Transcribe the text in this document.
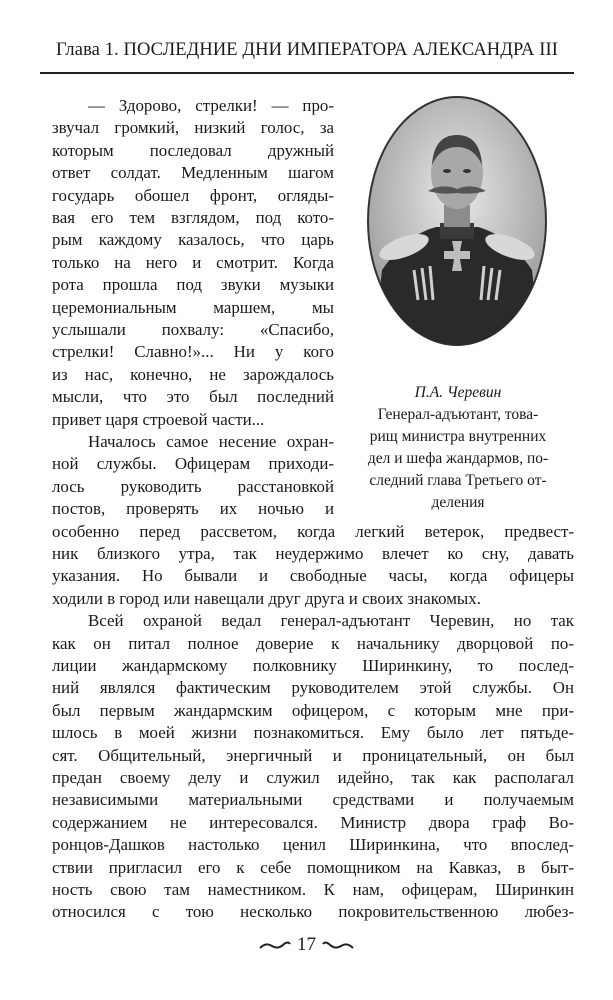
Глава 1. ПОСЛЕДНИЕ ДНИ ИМПЕРАТОРА АЛЕКСАНДРА III
П.А. Черевин
Генерал-адъютант, това-
рищ министра внутренних
дел и шефа жандармов, по-
следний глава Третьего от-
деления
17
— Здорово, стрелки! — про-
звучал громкий, низкий голос, за
которым последовал дружный
ответ солдат. Медленным шагом
государь обошел фронт, огляды-
вая его тем взглядом, под кото-
рым каждому казалось, что царь
только на него и смотрит. Когда
рота прошла под звуки музыки
церемониальным маршем, мы
услышали похвалу: «Спасибо,
стрелки! Славно!»... Ни у кого
из нас, конечно, не зарождалось
мысли, что это был последний
привет царя строевой части...
Началось самое несение охран-
ной службы. Офицерам приходи-
лось руководить расстановкой
постов, проверять их ночью и
особенно перед рассветом, когда легкий ветерок, предвест-
ник близкого утра, так неудержимо влечет ко сну, давать
указания. Но бывали и свободные часы, когда офицеры
ходили в город или навещали друг друга и своих знакомых.
Всей охраной ведал генерал-адъютант Черевин, но так
как он питал полное доверие к начальнику дворцовой по-
лиции жандармскому полковнику Ширинкину, то послед-
ний являлся фактическим руководителем этой службы. Он
был первым жандармским офицером, с которым мне при-
шлось в моей жизни познакомиться. Ему было лет пятьде-
сят. Общительный, энергичный и проницательный, он был
предан своему делу и служил идейно, так как располагал
независимыми материальными средствами и получаемым
содержанием не интересовался. Министр двора граф Во-
ронцов-Дашков настолько ценил Ширинкина, что впослед-
ствии пригласил его к себе помощником на Кавказ, в быт-
ность свою там наместником. К нам, офицерам, Ширинкин
относился с тою несколько покровительственною любез-
